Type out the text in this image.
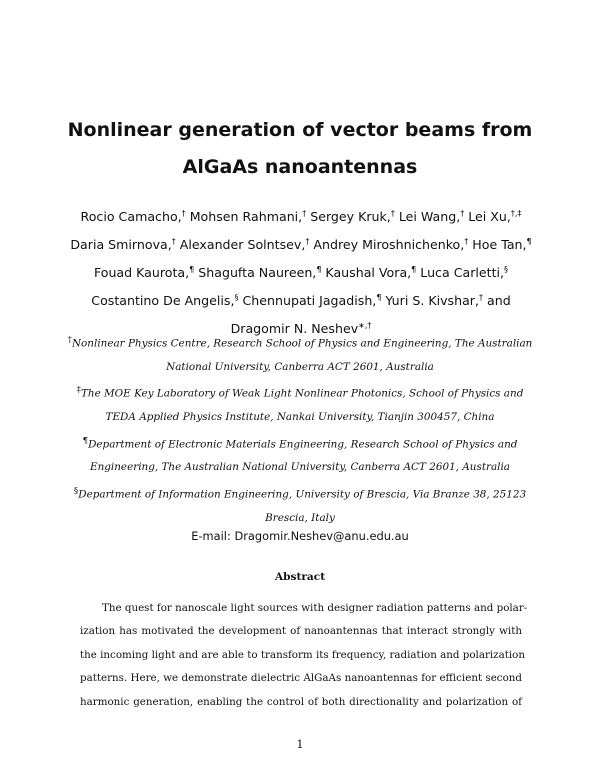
Nonlinear generation of vector beams from
AlGaAs nanoantennas
Rocio Camacho,† Mohsen Rahmani,† Sergey Kruk,† Lei Wang,† Lei Xu,†,‡ Daria Smirnova,† Alexander Solntsev,† Andrey Miroshnichenko,† Hoe Tan,¶ Fouad Kaurota,¶ Shagufta Naureen,¶ Kaushal Vora,¶ Luca Carletti,§ Costantino De Angelis,§ Chennupati Jagadish,¶ Yuri S. Kivshar,† and Dragomir N. Neshev∗,†
†Nonlinear Physics Centre, Research School of Physics and Engineering, The Australian
National University, Canberra ACT 2601, Australia
‡The MOE Key Laboratory of Weak Light Nonlinear Photonics, School of Physics and
TEDA Applied Physics Institute, Nankai University, Tianjin 300457, China
¶Department of Electronic Materials Engineering, Research School of Physics and
Engineering, The Australian National University, Canberra ACT 2601, Australia
§Department of Information Engineering, University of Brescia, Via Branze 38, 25123
Brescia, Italy
E-mail: Dragomir.Neshev@anu.edu.au
Abstract
The quest for nanoscale light sources with designer radiation patterns and polar-
ization has motivated the development of nanoantennas that interact strongly with
the incoming light and are able to transform its frequency, radiation and polarization
patterns. Here, we demonstrate dielectric AlGaAs nanoantennas for efficient second
harmonic generation, enabling the control of both directionality and polarization of
1
